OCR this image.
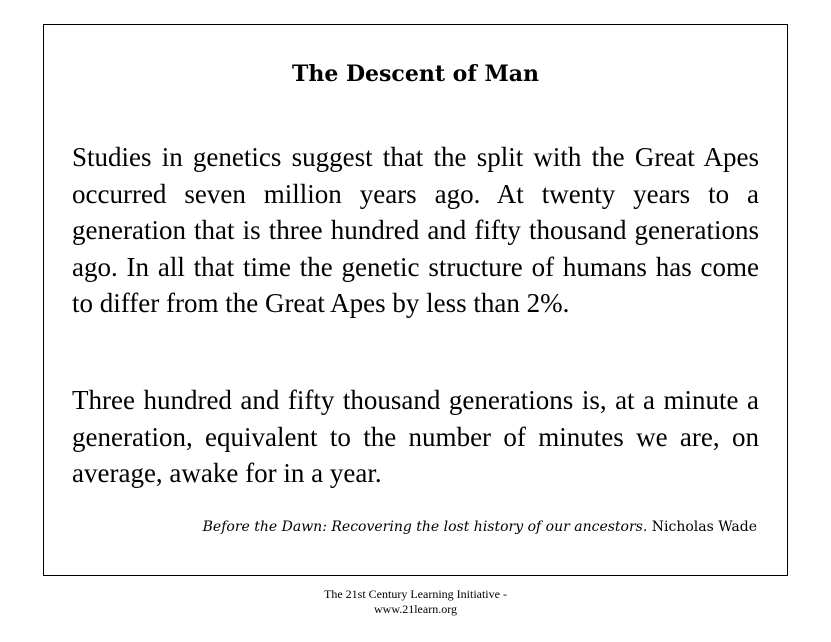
The Descent of Man

Studies in genetics suggest that the split with the Great Apes occurred seven million years ago. At twenty years to a generation that is three hundred and fifty thousand generations ago. In all that time the genetic structure of humans has come to differ from the Great Apes by less than 2%.

Three hundred and fifty thousand generations is, at a minute a generation, equivalent to the number of minutes we are, on average, awake for in a year.

Before the Dawn: Recovering the lost history of our ancestors. Nicholas Wade
The 21st Century Learning Initiative -
www.21learn.org
